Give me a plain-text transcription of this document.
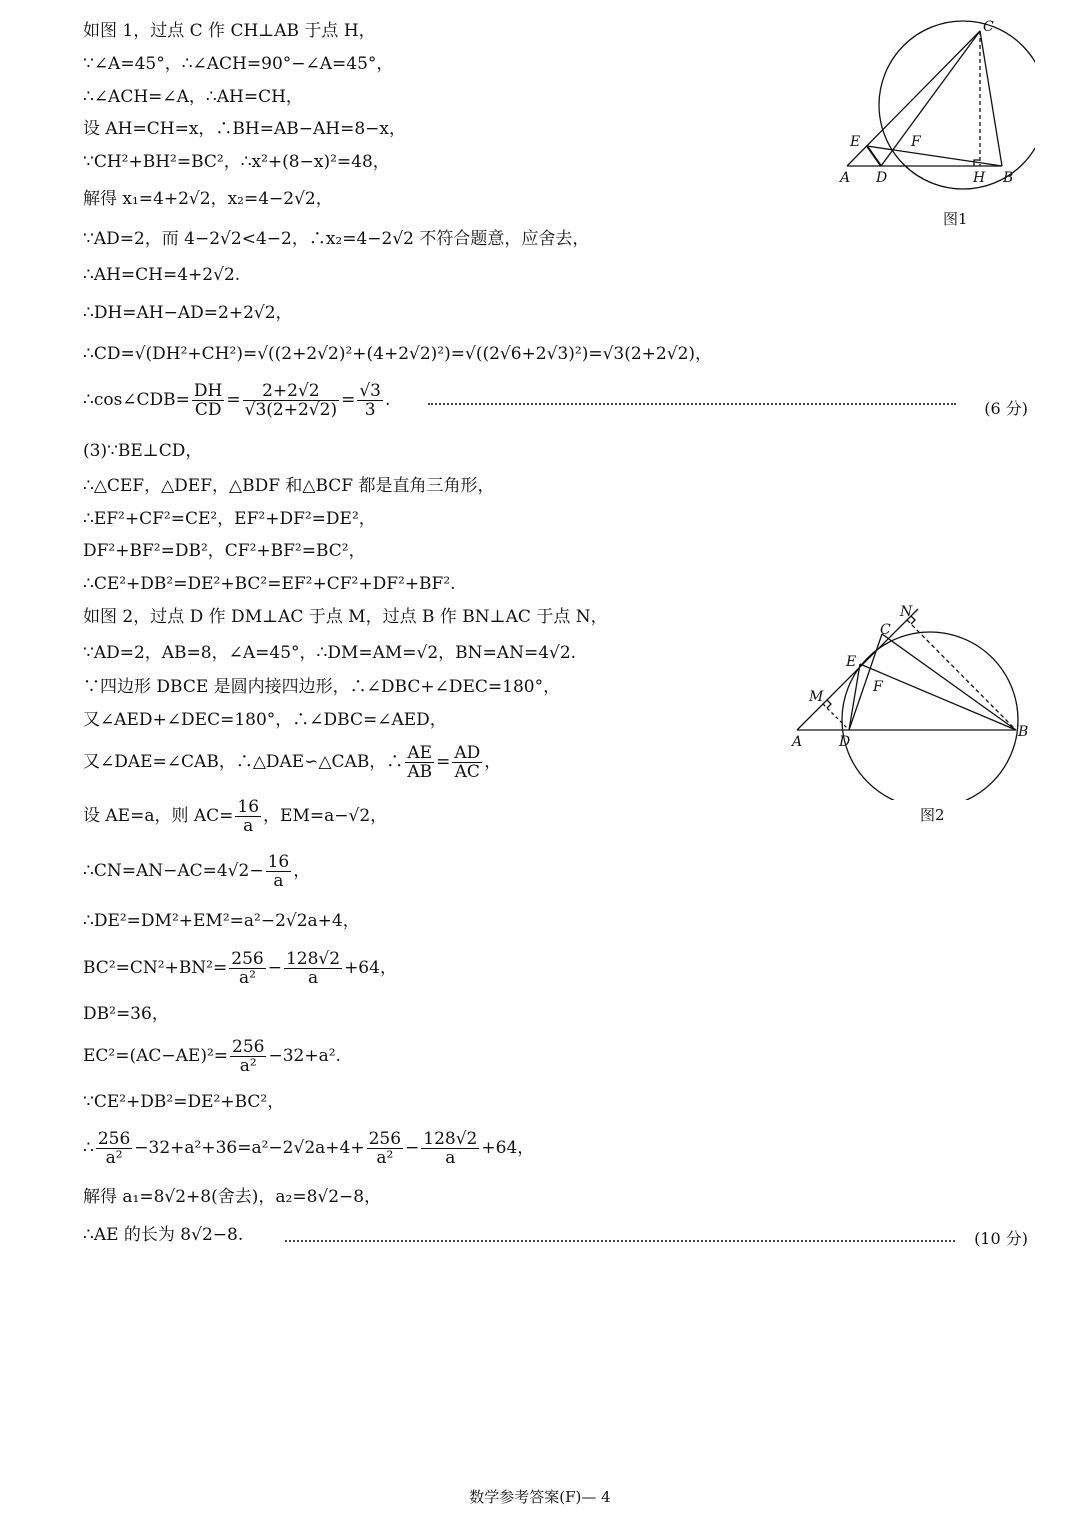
如图 1，过点 C 作 CH⊥AB 于点 H，
∵∠A=45°，∴∠ACH=90°−∠A=45°，
∴∠ACH=∠A，∴AH=CH，
设 AH=CH=x，∴BH=AB−AH=8−x，
∵CH²+BH²=BC²，∴x²+(8−x)²=48，
解得 x₁=4+2√2，x₂=4−2√2，
∵AD=2，而 4−2√2<4−2，∴x₂=4−2√2 不符合题意，应舍去，
∴AH=CH=4+2√2.
∴DH=AH−AD=2+2√2，
∴CD=√(DH²+CH²)=√((2+2√2)²+(4+2√2)²)=√((2√6+2√3)²)=√3(2+2√2)，
∴cos∠CDB= $\frac{DH}{CD} = \frac{2+2√2}{√3(2+2√2)} = \frac{√3}{3}$ .	(6 分)
(3)∵BE⊥CD，
∴△CEF，△DEF，△BDF 和△BCF 都是直角三角形，
∴EF²+CF²=CE²，EF²+DF²=DE²，
DF²+BF²=DB²，CF²+BF²=BC²，
∴CE²+DB²=DE²+BC²=EF²+CF²+DF²+BF².
如图 2，过点 D 作 DM⊥AC 于点 M，过点 B 作 BN⊥AC 于点 N，
∵AD=2，AB=8，∠A=45°，∴DM=AM=√2，BN=AN=4√2.
∵四边形 DBCE 是圆内接四边形，∴∠DBC+∠DEC=180°，
又∠AED+∠DEC=180°，∴∠DBC=∠AED，
又∠DAE=∠CAB，∴△DAE∽△CAB，∴ $\frac{AE}{AB} = \frac{AD}{AC}$ ，
设 AE=a，则 $AC= \frac{16}{a}$ ，EM=a−√2，
∴CN=AN−AC=4√2− $\frac{16}{a}$ ，
∴DE²=DM²+EM²=a²−2√2a+4，
$BC^2=CN^2+BN^2= \frac{256}{\text{a²}} - \frac{128√2}{a} +64$，
DB²=36，
$EC^2=(AC-AE)^2= \frac{256}{\text{a²}} -32+a^2$.
∵CE²+DB²=DE²+BC²，
∴ $\frac{256}{\text{a²}} -32+a^2+36=a^2-2√2a+4+ \frac{256}{\text{a²}} - \frac{128√2}{a} +64$，
解得 a₁=8√2+8(舍去)，a₂=8√2−8，
∴AE 的长为 8√2−8.	(10 分)
C
E	F
A D	H B
图1
N
C
E
F
M
A	D
B
图2
数学参考答案(F)— 4
